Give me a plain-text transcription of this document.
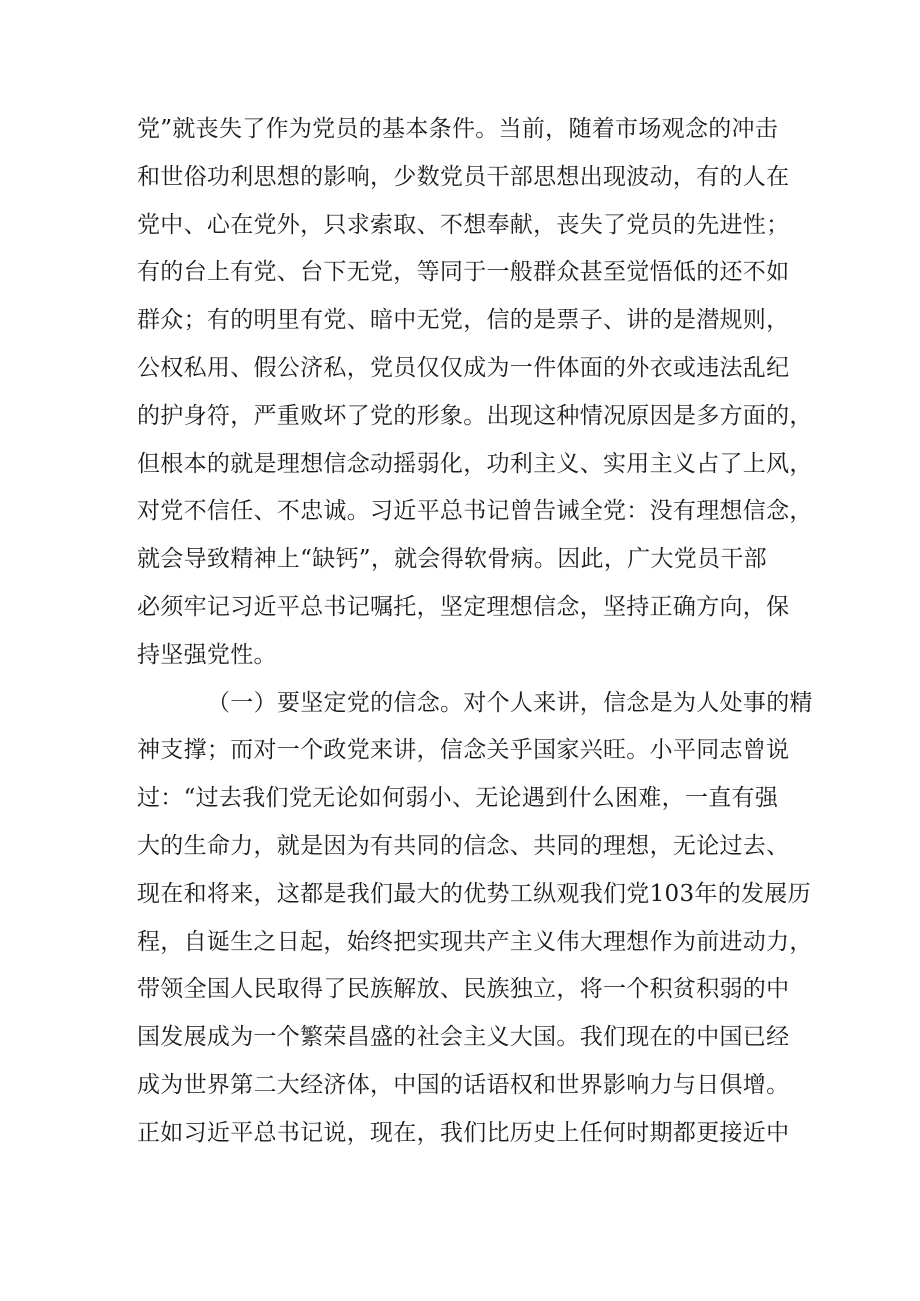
党”就丧失了作为党员的基本条件。当前，随着市场观念的冲击
和世俗功利思想的影响，少数党员干部思想出现波动，有的人在
党中、心在党外，只求索取、不想奉献，丧失了党员的先进性；
有的台上有党、台下无党，等同于一般群众甚至觉悟低的还不如
群众；有的明里有党、暗中无党，信的是票子、讲的是潜规则，
公权私用、假公济私，党员仅仅成为一件体面的外衣或违法乱纪
的护身符，严重败坏了党的形象。出现这种情况原因是多方面的，
但根本的就是理想信念动摇弱化，功利主义、实用主义占了上风，
对党不信任、不忠诚。习近平总书记曾告诫全党：没有理想信念，
就会导致精神上“缺钙”，就会得软骨病。因此，广大党员干部
必须牢记习近平总书记嘱托，坚定理想信念，坚持正确方向，保
持坚强党性。
（一）要坚定党的信念。对个人来讲，信念是为人处事的精
神支撑；而对一个政党来讲，信念关乎国家兴旺。小平同志曾说
过：“过去我们党无论如何弱小、无论遇到什么困难，一直有强
大的生命力，就是因为有共同的信念、共同的理想，无论过去、
现在和将来，这都是我们最大的优势工纵观我们党103年的发展历
程，自诞生之日起，始终把实现共产主义伟大理想作为前进动力，
带领全国人民取得了民族解放、民族独立，将一个积贫积弱的中
国发展成为一个繁荣昌盛的社会主义大国。我们现在的中国已经
成为世界第二大经济体，中国的话语权和世界影响力与日俱增。
正如习近平总书记说，现在，我们比历史上任何时期都更接近中
